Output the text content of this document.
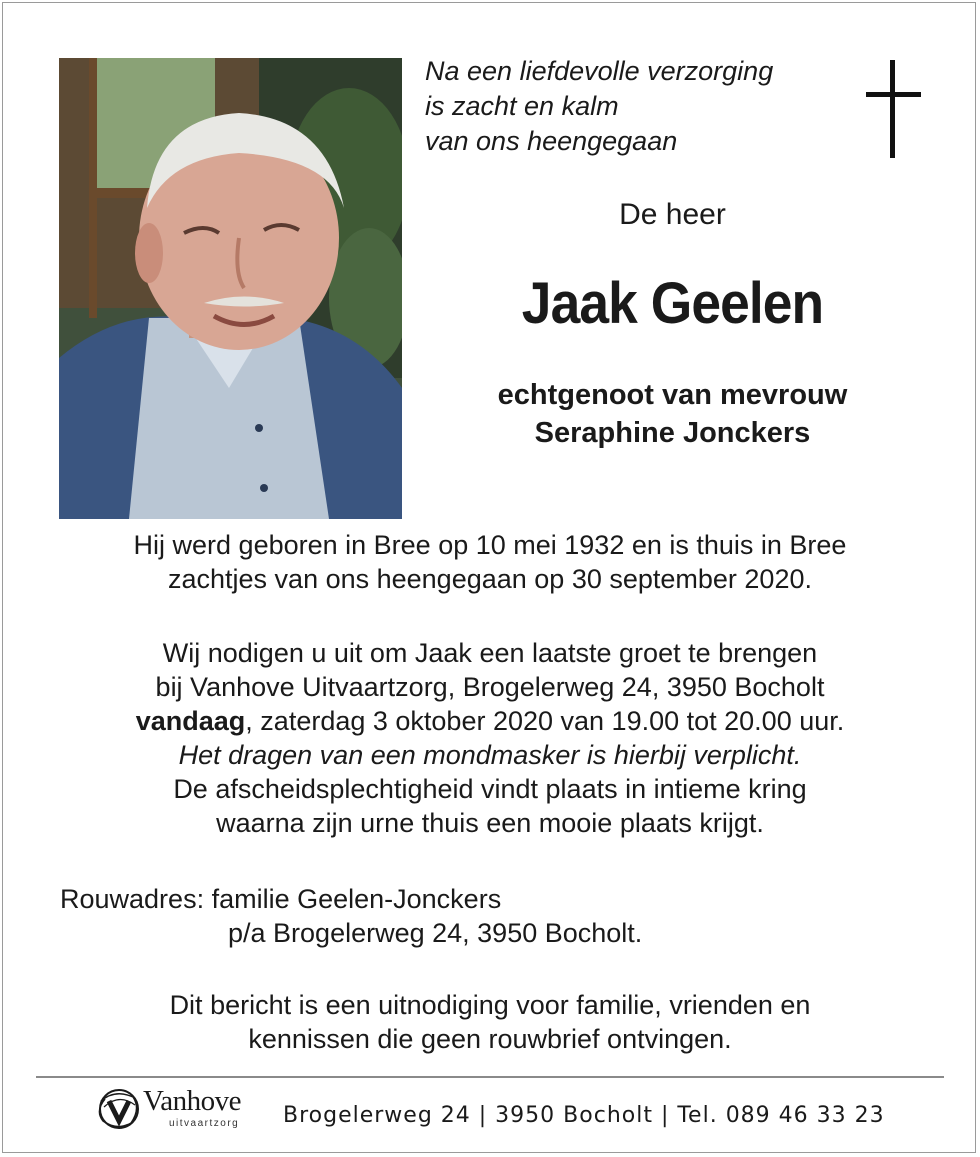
Na een liefdevolle verzorging
is zacht en kalm
van ons heengegaan
De heer
Jaak Geelen
echtgenoot van mevrouw
Seraphine Jonckers
Hij werd geboren in Bree op 10 mei 1932 en is thuis in Bree
zachtjes van ons heengegaan op 30 september 2020.
Wij nodigen u uit om Jaak een laatste groet te brengen
bij Vanhove Uitvaartzorg, Brogelerweg 24, 3950 Bocholt
vandaag, zaterdag 3 oktober 2020 van 19.00 tot 20.00 uur.
Het dragen van een mondmasker is hierbij verplicht.
De afscheidsplechtigheid vindt plaats in intieme kring
waarna zijn urne thuis een mooie plaats krijgt.
Rouwadres: familie Geelen-Jonckers
p/a Brogelerweg 24, 3950 Bocholt.
Dit bericht is een uitnodiging voor familie, vrienden en
kennissen die geen rouwbrief ontvingen.
Vanhove
uitvaartzorg Brogelerweg 24 | 3950 Bocholt | Tel. 089 46 33 23
